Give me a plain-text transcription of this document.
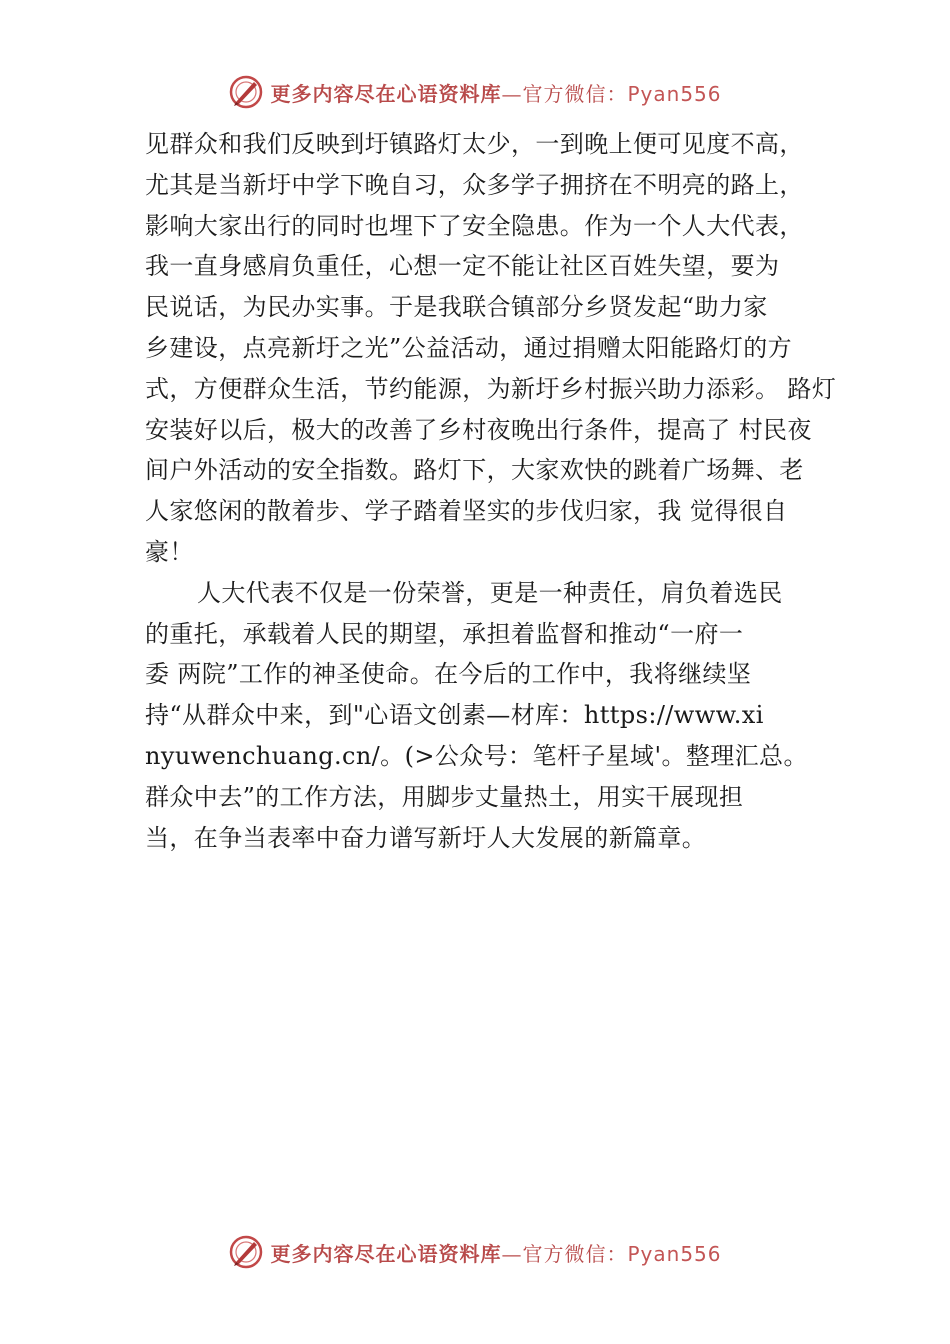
更多内容尽在心语资料库—官方微信：Pyan556
见群众和我们反映到圩镇路灯太少，一到晚上便可见度不高，
尤其是当新圩中学下晚自习，众多学子拥挤在不明亮的路上，
影响大家出行的同时也埋下了安全隐患。作为一个人大代表，
我一直身感肩负重任，心想一定不能让社区百姓失望，要为
民说话，为民办实事。于是我联合镇部分乡贤发起“助力家
乡建设，点亮新圩之光”公益活动，通过捐赠太阳能路灯的方
式，方便群众生活，节约能源，为新圩乡村振兴助力添彩。 路灯
安装好以后，极大的改善了乡村夜晚出行条件，提高了 村民夜
间户外活动的安全指数。路灯下，大家欢快的跳着广场舞、老
人家悠闲的散着步、学子踏着坚实的步伐归家，我 觉得很自
豪！
人大代表不仅是一份荣誉，更是一种责任，肩负着选民
的重托，承载着人民的期望，承担着监督和推动“一府一
委 两院”工作的神圣使命。在今后的工作中，我将继续坚
持“从群众中来，到"心语文创素—材库：https://www.xi
nyuwenchuang.cn/。(>公众号：笔杆子星域'。整理汇总。
群众中去”的工作方法，用脚步丈量热土，用实干展现担
当，在争当表率中奋力谱写新圩人大发展的新篇章。
更多内容尽在心语资料库—官方微信：Pyan556
